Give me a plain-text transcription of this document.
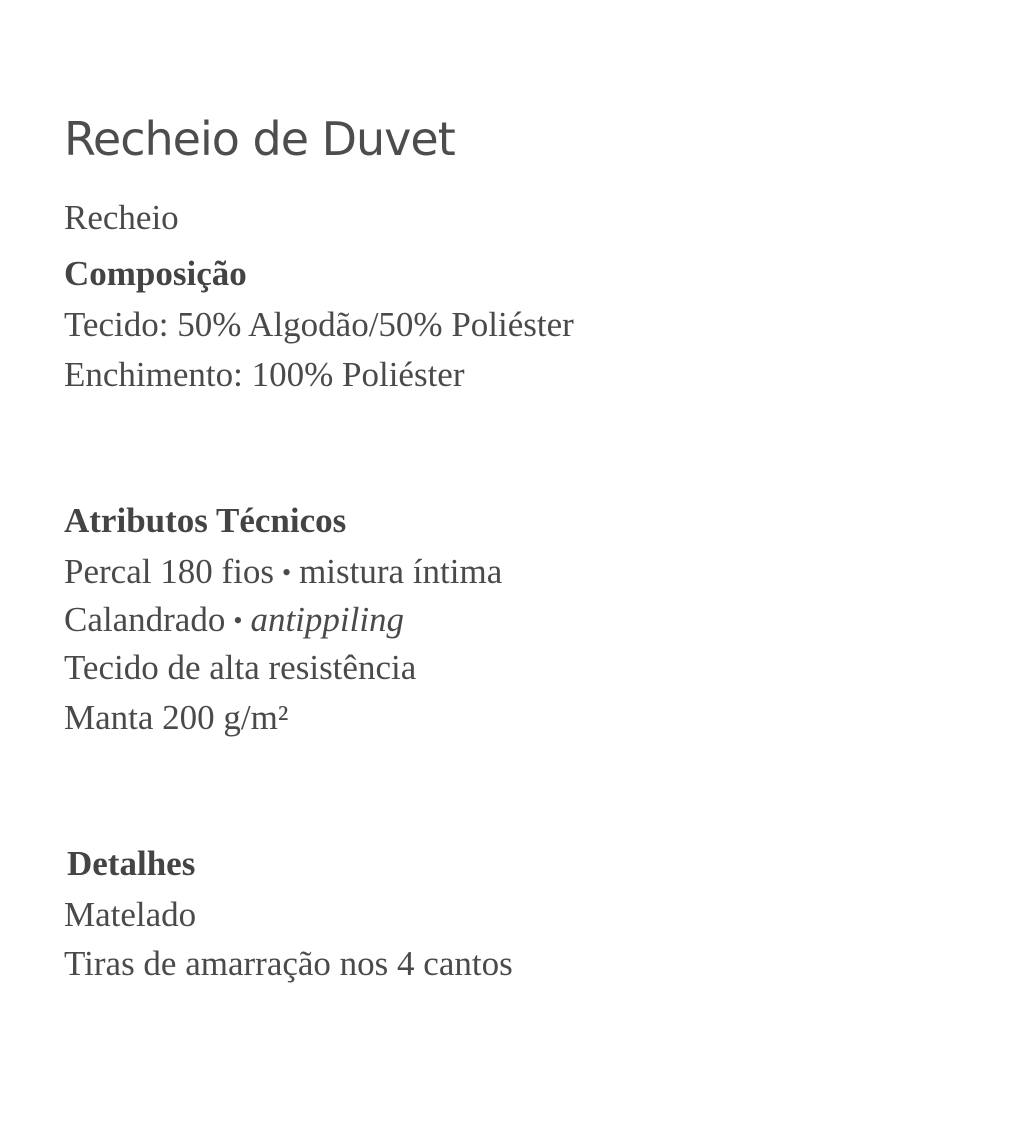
Recheio de Duvet
Recheio
Composição
Tecido: 50% Algodão/50% Poliéster
Enchimento: 100% Poliéster
Atributos Técnicos
Percal 180 fios • mistura íntima
Calandrado • antippiling
Tecido de alta resistência
Manta 200 g/m²
Detalhes
Matelado
Tiras de amarração nos 4 cantos
